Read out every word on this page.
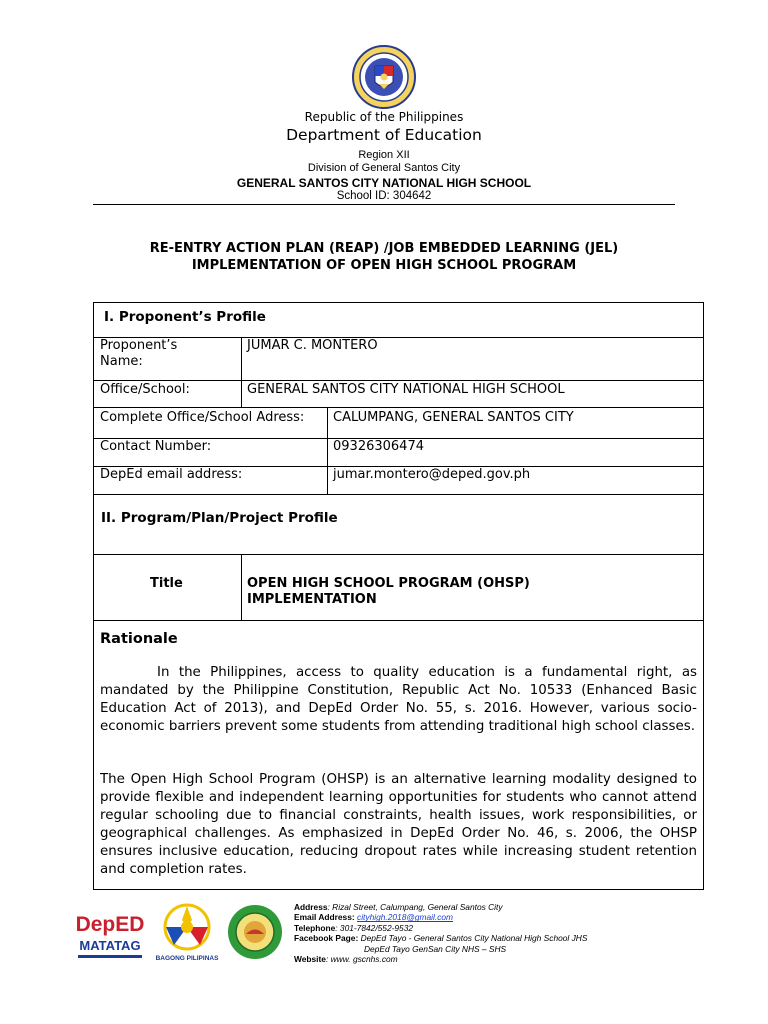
Republic of the Philippines
Department of Education
Region XII
Division of General Santos City
GENERAL SANTOS CITY NATIONAL HIGH SCHOOL
School ID: 304642
RE-ENTRY ACTION PLAN (REAP) /JOB EMBEDDED LEARNING (JEL)
IMPLEMENTATION OF OPEN HIGH SCHOOL PROGRAM
I. Proponent’s Profile
Proponent’s
Name:
JUMAR C. MONTERO
Office/School:	GENERAL SANTOS CITY NATIONAL HIGH SCHOOL
Complete Office/School Adress: CALUMPANG, GENERAL SANTOS CITY
Contact Number:	09326306474
DepEd email address:	jumar.montero@deped.gov.ph
II. Program/Plan/Project Profile
Title	OPEN HIGH SCHOOL PROGRAM (OHSP)
IMPLEMENTATION
Rationale
In the Philippines, access to quality education is a fundamental right, as mandated by the Philippine Constitution, Republic Act No. 10533 (Enhanced Basic Education Act of 2013), and DepEd Order No. 55, s. 2016. However, various socio-economic barriers prevent some students from attending traditional high school classes.
The Open High School Program (OHSP) is an alternative learning modality designed to provide flexible and independent learning opportunities for students who cannot attend regular schooling due to financial constraints, health issues, work responsibilities, or geographical challenges. As emphasized in DepEd Order No. 46, s. 2006, the OHSP ensures inclusive education, reducing dropout rates while increasing student retention and completion rates.
DepED
MATATAG
BAGONG PILIPINAS
Address: Rizal Street, Calumpang, General Santos City
Email Address: cityhigh.2018@gmail.com
Telephone: 301-7842/552-9532
Facebook Page: DepEd Tayo - General Santos City National High School JHS
DepEd Tayo GenSan City NHS – SHS
Website: www. gscnhs.com
